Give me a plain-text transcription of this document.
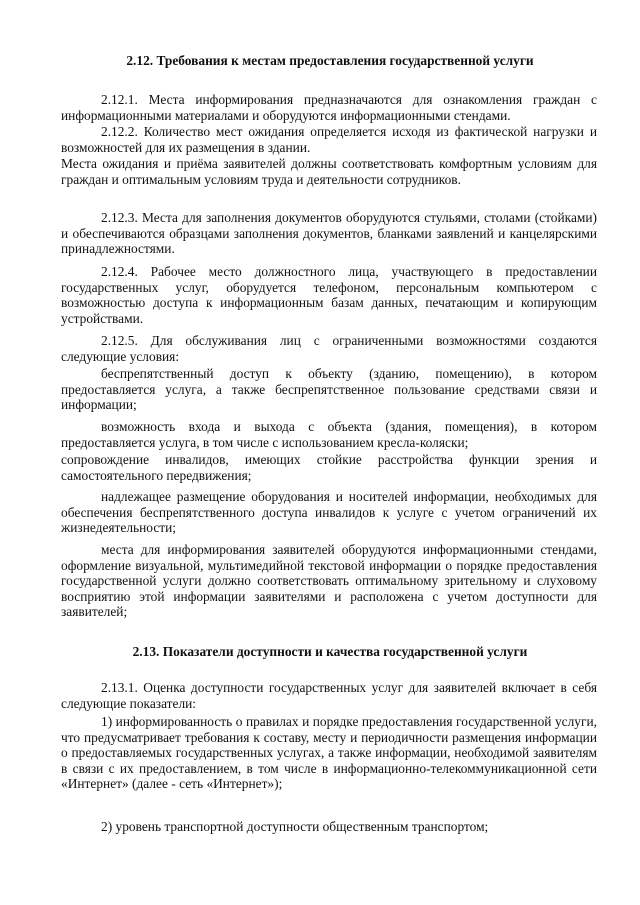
2.12. Требования к местам предоставления государственной услуги

2.12.1. Места информирования предназначаются для ознакомления граждан с информационными материалами и оборудуются информационными стендами.

2.12.2. Количество мест ожидания определяется исходя из фактической нагрузки и возможностей для их размещения в здании.

Места ожидания и приёма заявителей должны соответствовать комфортным условиям для граждан и оптимальным условиям труда и деятельности сотрудников.

2.12.3. Места для заполнения документов оборудуются стульями, столами (стойками) и обеспечиваются образцами заполнения документов, бланками заявлений и канцелярскими принадлежностями.

2.12.4. Рабочее место должностного лица, участвующего в предоставлении государственных услуг, оборудуется телефоном, персональным компьютером с возможностью доступа к информационным базам данных, печатающим и копирующим устройствами.

2.12.5. Для обслуживания лиц с ограниченными возможностями создаются следующие условия:

беспрепятственный доступ к объекту (зданию, помещению), в котором предоставляется услуга, а также беспрепятственное пользование средствами связи и информации;

возможность входа и выхода с объекта (здания, помещения), в котором предоставляется услуга, в том числе с использованием кресла-коляски;

сопровождение инвалидов, имеющих стойкие расстройства функции зрения и самостоятельного передвижения;

надлежащее размещение оборудования и носителей информации, необходимых для обеспечения беспрепятственного доступа инвалидов к услуге с учетом ограничений их жизнедеятельности;

места для информирования заявителей оборудуются информационными стендами, оформление визуальной, мультимедийной текстовой информации о порядке предоставления государственной услуги должно соответствовать оптимальному зрительному и слуховому восприятию этой информации заявителями и расположена с учетом доступности для заявителей;

2.13. Показатели доступности и качества государственной услуги

2.13.1. Оценка доступности государственных услуг для заявителей включает в себя следующие показатели:

1) информированность о правилах и порядке предоставления государственной услуги, что предусматривает требования к составу, месту и периодичности размещения информации о предоставляемых государственных услугах, а также информации, необходимой заявителям в связи с их предоставлением, в том числе в информационно-телекоммуникационной сети «Интернет» (далее - сеть «Интернет»);

2) уровень транспортной доступности общественным транспортом;
